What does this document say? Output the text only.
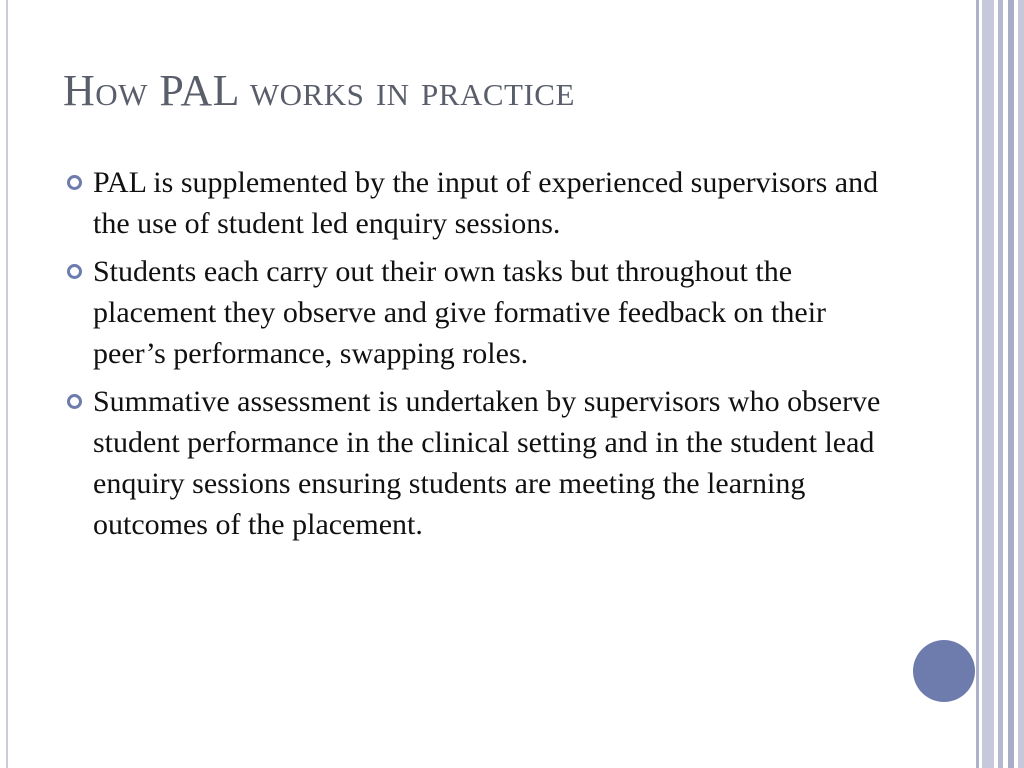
How PAL works in practice
PAL is supplemented by the input of experienced supervisors and the use of student led enquiry sessions.
Students each carry out their own tasks but throughout the placement they observe and give formative feedback on their peer’s performance, swapping roles.
Summative assessment is undertaken by supervisors who observe student performance in the clinical setting and in the student lead enquiry sessions ensuring students are meeting the learning outcomes of the placement.
